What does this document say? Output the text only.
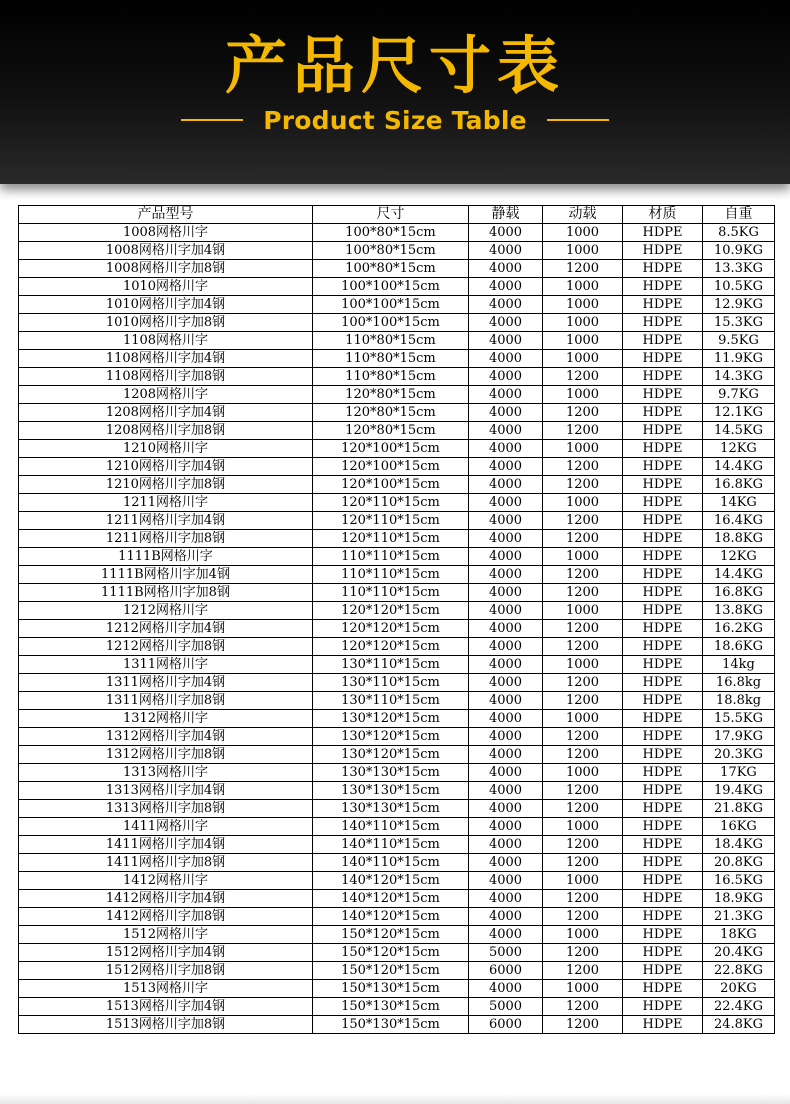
产品尺寸表
Product Size Table
产品型号	尺寸	静载	动载	材质	自重
1008网格川字	100*80*15cm	4000	1000	HDPE	8.5KG
1008网格川字加4钢	100*80*15cm	4000	1000	HDPE	10.9KG
1008网格川字加8钢	100*80*15cm	4000	1200	HDPE	13.3KG
1010网格川字	100*100*15cm	4000	1000	HDPE	10.5KG
1010网格川字加4钢	100*100*15cm	4000	1000	HDPE	12.9KG
1010网格川字加8钢	100*100*15cm	4000	1000	HDPE	15.3KG
1108网格川字	110*80*15cm	4000	1000	HDPE	9.5KG
1108网格川字加4钢	110*80*15cm	4000	1000	HDPE	11.9KG
1108网格川字加8钢	110*80*15cm	4000	1200	HDPE	14.3KG
1208网格川字	120*80*15cm	4000	1000	HDPE	9.7KG
1208网格川字加4钢	120*80*15cm	4000	1200	HDPE	12.1KG
1208网格川字加8钢	120*80*15cm	4000	1200	HDPE	14.5KG
1210网格川字	120*100*15cm	4000	1000	HDPE	12KG
1210网格川字加4钢	120*100*15cm	4000	1200	HDPE	14.4KG
1210网格川字加8钢	120*100*15cm	4000	1200	HDPE	16.8KG
1211网格川字	120*110*15cm	4000	1000	HDPE	14KG
1211网格川字加4钢	120*110*15cm	4000	1200	HDPE	16.4KG
1211网格川字加8钢	120*110*15cm	4000	1200	HDPE	18.8KG
1111B网格川字	110*110*15cm	4000	1000	HDPE	12KG
1111B网格川字加4钢	110*110*15cm	4000	1200	HDPE	14.4KG
1111B网格川字加8钢	110*110*15cm	4000	1200	HDPE	16.8KG
1212网格川字	120*120*15cm	4000	1000	HDPE	13.8KG
1212网格川字加4钢	120*120*15cm	4000	1200	HDPE	16.2KG
1212网格川字加8钢	120*120*15cm	4000	1200	HDPE	18.6KG
1311网格川字	130*110*15cm	4000	1000	HDPE	14kg
1311网格川字加4钢	130*110*15cm	4000	1200	HDPE	16.8kg
1311网格川字加8钢	130*110*15cm	4000	1200	HDPE	18.8kg
1312网格川字	130*120*15cm	4000	1000	HDPE	15.5KG
1312网格川字加4钢	130*120*15cm	4000	1200	HDPE	17.9KG
1312网格川字加8钢	130*120*15cm	4000	1200	HDPE	20.3KG
1313网格川字	130*130*15cm	4000	1000	HDPE	17KG
1313网格川字加4钢	130*130*15cm	4000	1200	HDPE	19.4KG
1313网格川字加8钢	130*130*15cm	4000	1200	HDPE	21.8KG
1411网格川字	140*110*15cm	4000	1000	HDPE	16KG
1411网格川字加4钢	140*110*15cm	4000	1200	HDPE	18.4KG
1411网格川字加8钢	140*110*15cm	4000	1200	HDPE	20.8KG
1412网格川字	140*120*15cm	4000	1000	HDPE	16.5KG
1412网格川字加4钢	140*120*15cm	4000	1200	HDPE	18.9KG
1412网格川字加8钢	140*120*15cm	4000	1200	HDPE	21.3KG
1512网格川字	150*120*15cm	4000	1000	HDPE	18KG
1512网格川字加4钢	150*120*15cm	5000	1200	HDPE	20.4KG
1512网格川字加8钢	150*120*15cm	6000	1200	HDPE	22.8KG
1513网格川字	150*130*15cm	4000	1000	HDPE	20KG
1513网格川字加4钢	150*130*15cm	5000	1200	HDPE	22.4KG
1513网格川字加8钢	150*130*15cm	6000	1200	HDPE	24.8KG
